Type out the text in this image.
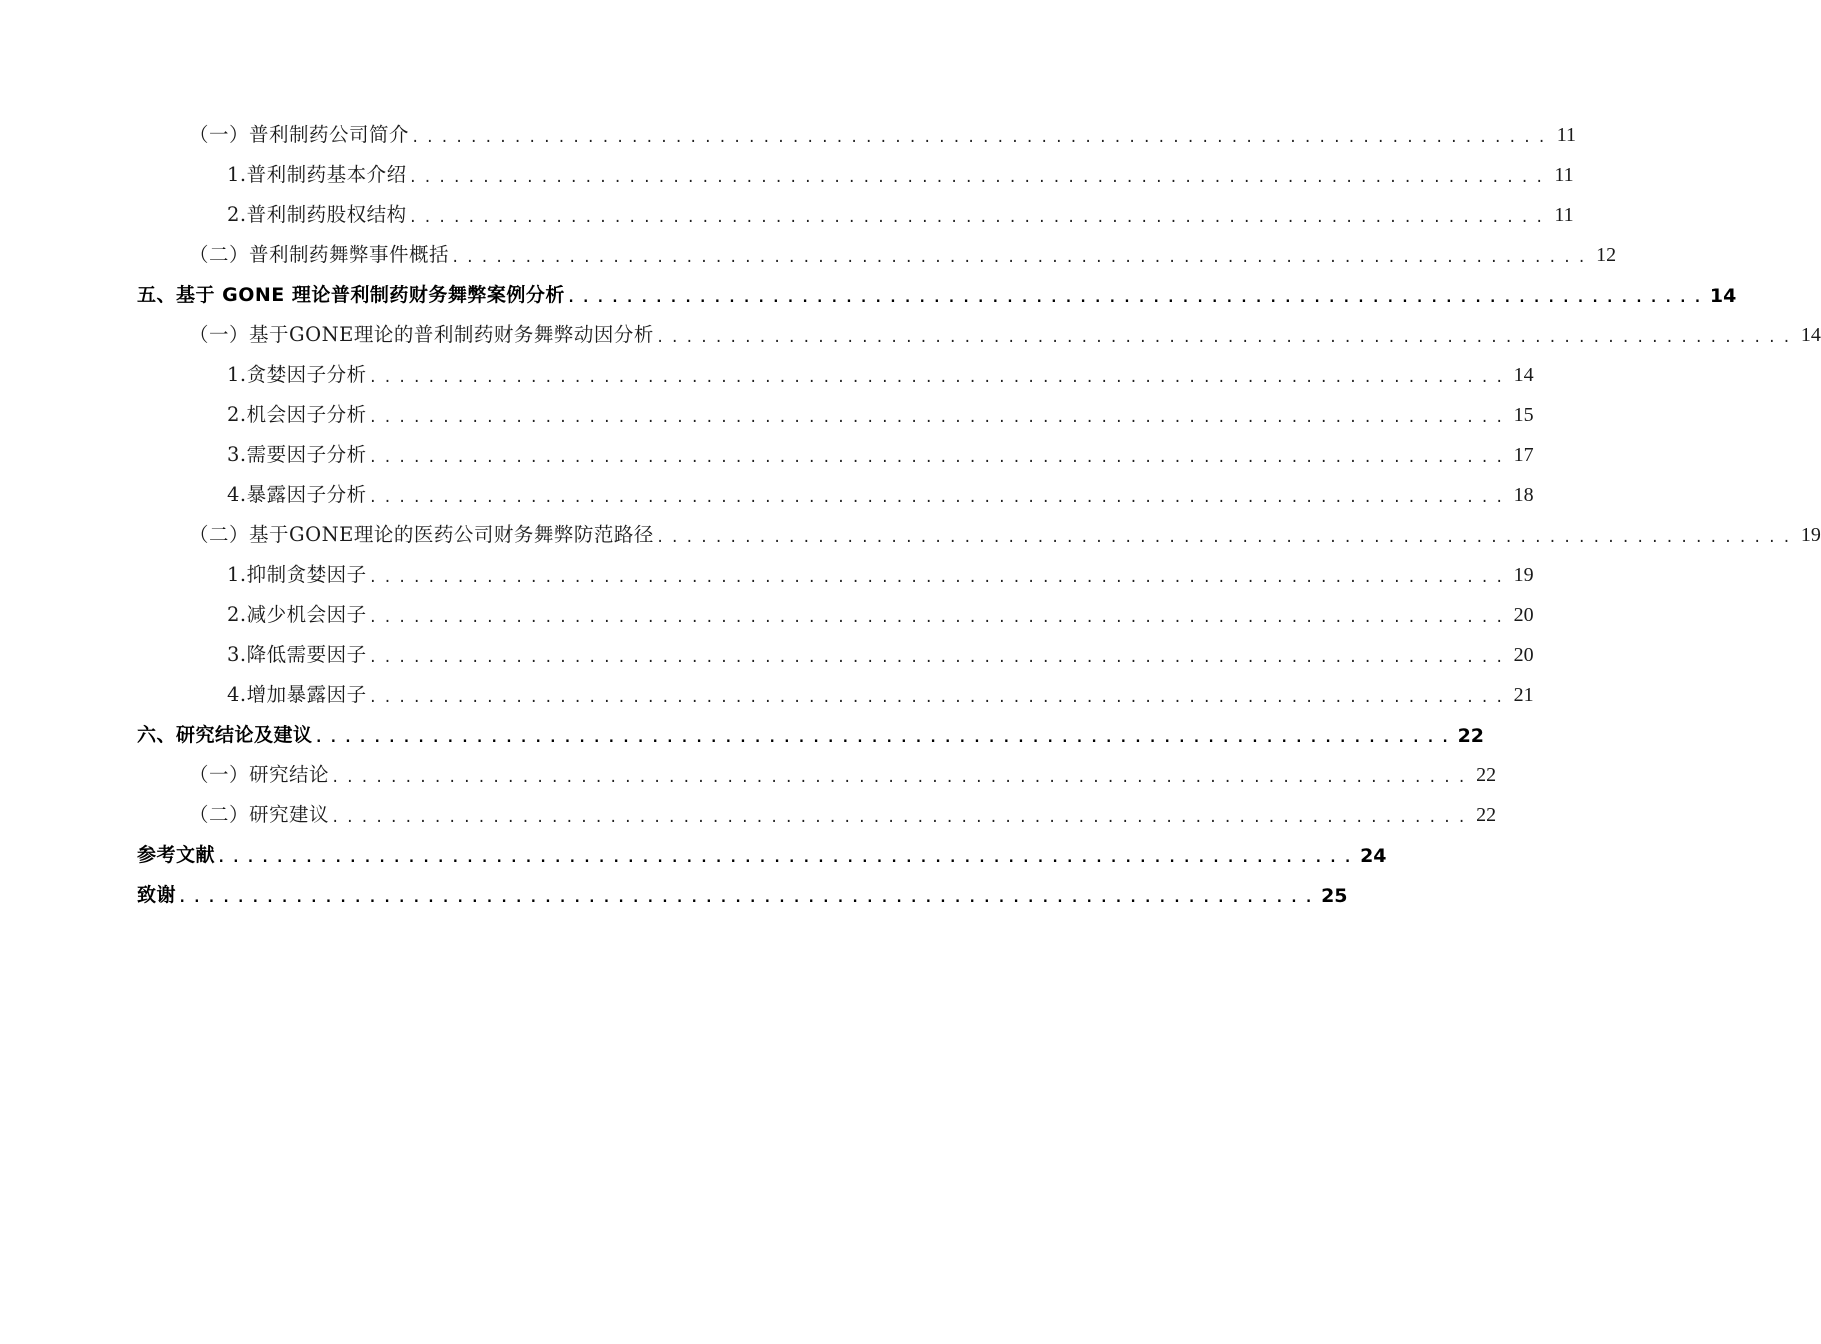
（一）普利制药公司简介 .............................................................................. 11
1.普利制药基本介绍 .............................................................................. 11
2.普利制药股权结构 .............................................................................. 11
（二）普利制药舞弊事件概括 .............................................................................. 12
五、基于 GONE 理论普利制药财务舞弊案例分析 .............................................................................. 14
（一）基于GONE理论的普利制药财务舞弊动因分析 .............................................................................. 14
1.贪婪因子分析 .............................................................................. 14
2.机会因子分析 .............................................................................. 15
3.需要因子分析 .............................................................................. 17
4.暴露因子分析 .............................................................................. 18
（二）基于GONE理论的医药公司财务舞弊防范路径 .............................................................................. 19
1.抑制贪婪因子 .............................................................................. 19
2.减少机会因子 .............................................................................. 20
3.降低需要因子 .............................................................................. 20
4.增加暴露因子 .............................................................................. 21
六、研究结论及建议 .............................................................................. 22
（一）研究结论 .............................................................................. 22
（二）研究建议 .............................................................................. 22
参考文献 .............................................................................. 24
致谢 .............................................................................. 25
